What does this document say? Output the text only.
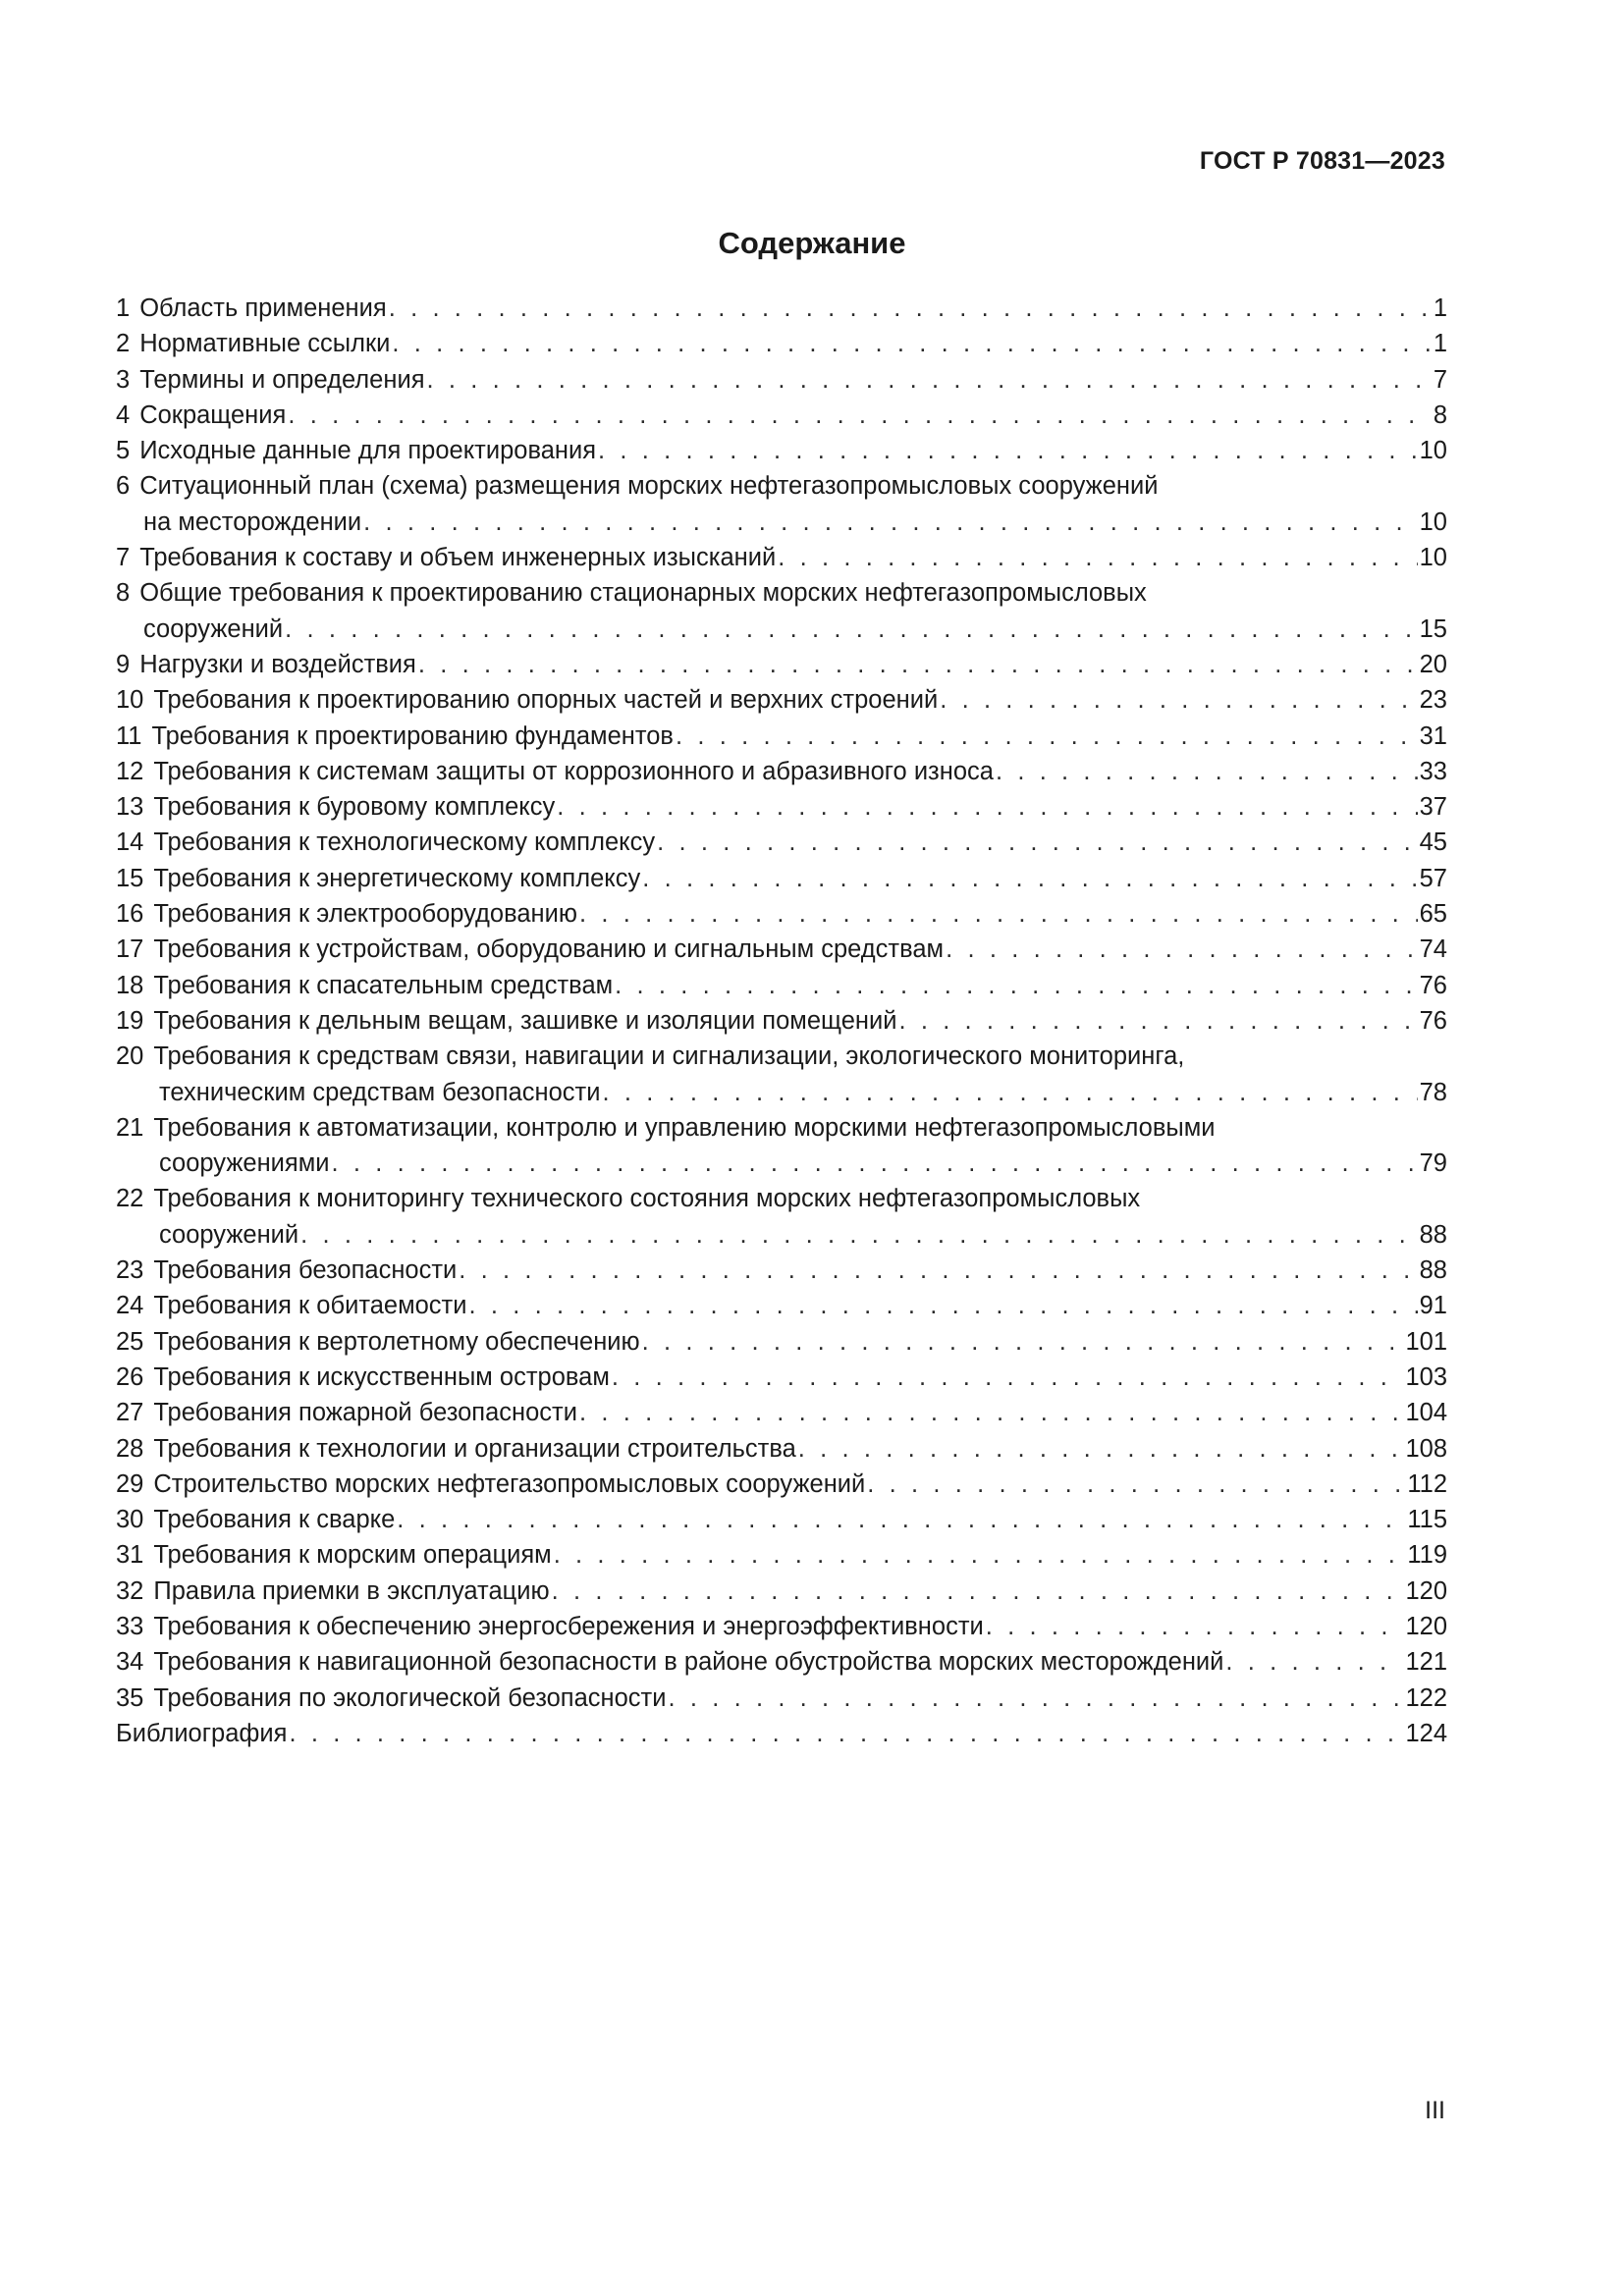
ГОСТ Р 70831—2023
Содержание
1 Область применения . . .	1
2 Нормативные ссылки . . .	1
3 Термины и определения . . .	7
4 Сокращения . . .	8
5 Исходные данные для проектирования . . .	10
6 Ситуационный план (схема) размещения морских нефтегазопромысловых сооружений
на месторождении . . .	10
7 Требования к составу и объем инженерных изысканий . . .	10
8 Общие требования к проектированию стационарных морских нефтегазопромысловых
сооружений . . .	15
9 Нагрузки и воздействия . . .	20
10 Требования к проектированию опорных частей и верхних строений . . .	23
11 Требования к проектированию фундаментов . . .	31
12 Требования к системам защиты от коррозионного и абразивного износа . . .	33
13 Требования к буровому комплексу . . .	37
14 Требования к технологическому комплексу . . .	45
15 Требования к энергетическому комплексу . . .	57
16 Требования к электрооборудованию . . .	65
17 Требования к устройствам, оборудованию и сигнальным средствам . . .	74
18 Требования к спасательным средствам . . .	76
19 Требования к дельным вещам, зашивке и изоляции помещений . . .	76
20 Требования к средствам связи, навигации и сигнализации, экологического мониторинга,
техническим средствам безопасности . . .	78
21 Требования к автоматизации, контролю и управлению морскими нефтегазопромысловыми
сооружениями . . .	79
22 Требования к мониторингу технического состояния морских нефтегазопромысловых
сооружений . . .	88
23 Требования безопасности . . .	88
24 Требования к обитаемости . . .	91
25 Требования к вертолетному обеспечению . . .	101
26 Требования к искусственным островам . . .	103
27 Требования пожарной безопасности . . .	104
28 Требования к технологии и организации строительства . . .	108
29 Строительство морских нефтегазопромысловых сооружений . . .	112
30 Требования к сварке . . .	115
31 Требования к морским операциям . . .	119
32 Правила приемки в эксплуатацию . . .	120
33 Требования к обеспечению энергосбережения и энергоэффективности . . .	120
34 Требования к навигационной безопасности в районе обустройства морских месторождений . . .	121
35 Требования по экологической безопасности . . .	122
Библиография . . .	124
III
